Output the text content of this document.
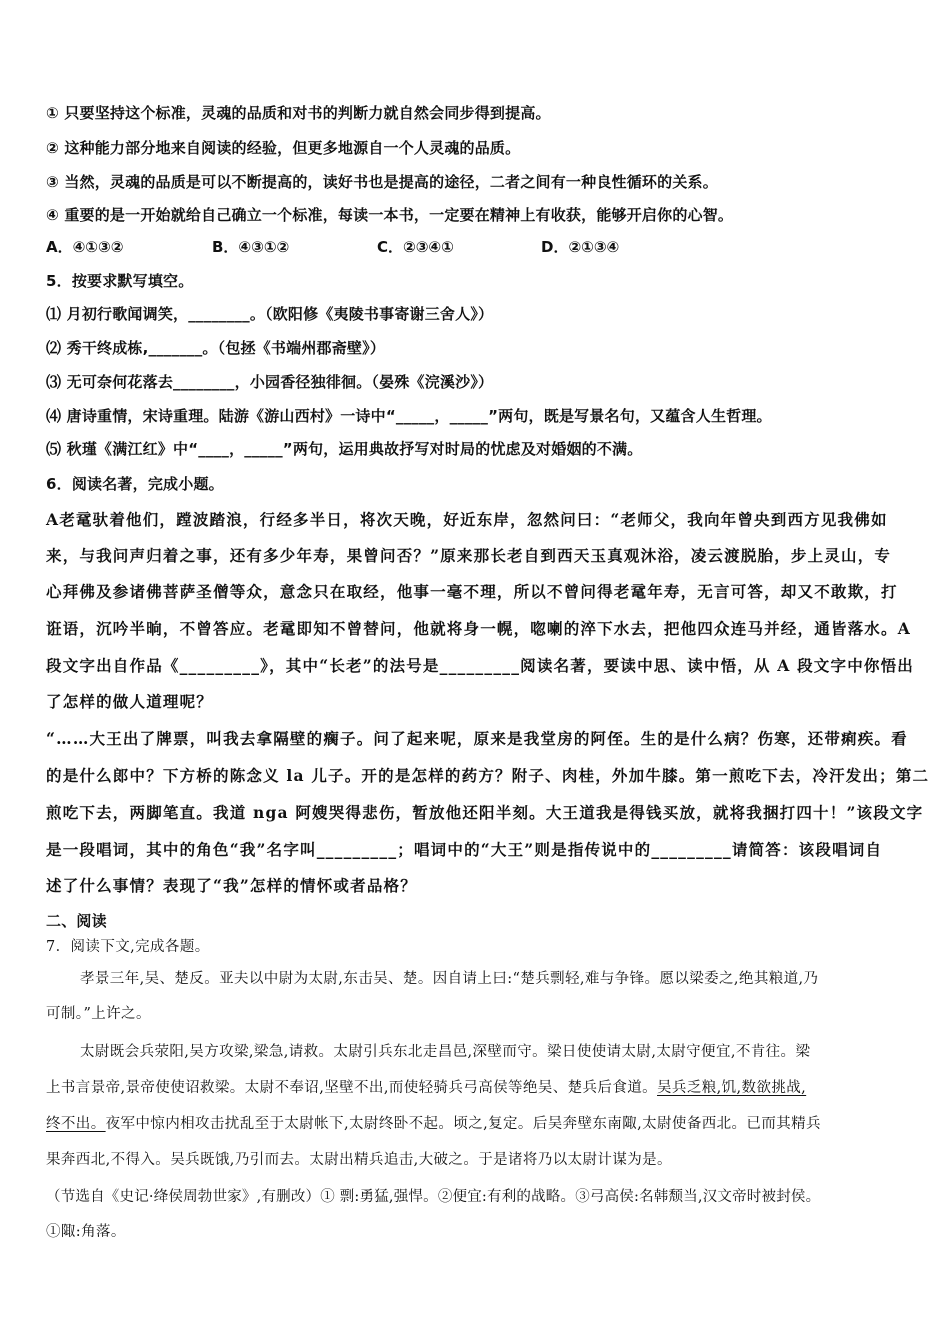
① 只要坚持这个标准，灵魂的品质和对书的判断力就自然会同步得到提高。
② 这种能力部分地来自阅读的经验，但更多地源自一个人灵魂的品质。
③ 当然，灵魂的品质是可以不断提高的，读好书也是提高的途径，二者之间有一种良性循环的关系。
④ 重要的是一开始就给自己确立一个标准，每读一本书，一定要在精神上有收获，能够开启你的心智。
A．④①③②	B．④③①②	C．②③④①	D．②①③④
5．按要求默写填空。
⑴ 月初行歌闻调笑，________。（欧阳修《夷陵书事寄谢三舍人》）
⑵ 秀干终成栋,_______。（包拯《书端州郡斋壁》）
⑶ 无可奈何花落去________，小园香径独徘徊。（晏殊《浣溪沙》）
⑷ 唐诗重情，宋诗重理。陆游《游山西村》一诗中“_____，_____”两句，既是写景名句，又蕴含人生哲理。
⑸ 秋瑾《满江红》中“____，_____”两句，运用典故抒写对时局的忧虑及对婚姻的不满。
6．阅读名著，完成小题。
A老鼋驮着他们，蹚波踏浪，行经多半日，将次天晚，好近东岸，忽然问曰：“老师父，我向年曾央到西方见我佛如
来，与我问声归着之事，还有多少年寿，果曾问否？”原来那长老自到西天玉真观沐浴，凌云渡脱胎，步上灵山，专
心拜佛及参诸佛菩萨圣僧等众，意念只在取经，他事一毫不理，所以不曾问得老鼋年寿，无言可答，却又不敢欺，打
诳语，沉吟半晌，不曾答应。老鼋即知不曾替问，他就将身一幌，唿喇的淬下水去，把他四众连马并经，通皆落水。A
段文字出自作品《_________》，其中“长老”的法号是_________阅读名著，要读中思、读中悟，从 A 段文字中你悟出
了怎样的做人道理呢？
“……大王出了牌票，叫我去拿隔壁的瘸子。问了起来呢，原来是我堂房的阿侄。生的是什么病？伤寒，还带痢疾。看
的是什么郎中？下方桥的陈念义 la 儿子。开的是怎样的药方？附子、肉桂，外加牛膝。第一煎吃下去，冷汗发出；第二
煎吃下去，两脚笔直。我道 nga 阿嫂哭得悲伤，暂放他还阳半刻。大王道我是得钱买放，就将我捆打四十！”该段文字
是一段唱词，其中的角色“我”名字叫_________；唱词中的“大王”则是指传说中的_________请简答：该段唱词自
述了什么事情？表现了“我”怎样的情怀或者品格？
二、阅读
7．阅读下文,完成各题。
孝景三年,吴、楚反。亚夫以中尉为太尉,东击吴、楚。因自请上曰:“楚兵剽轻,难与争锋。愿以梁委之,绝其粮道,乃
可制。”上许之。
太尉既会兵荥阳,吴方攻梁,梁急,请救。太尉引兵东北走昌邑,深壁而守。梁日使使请太尉,太尉守便宜,不肯往。梁
上书言景帝,景帝使使诏救梁。太尉不奉诏,坚壁不出,而使轻骑兵弓高侯等绝吴、楚兵后食道。吴兵乏粮,饥,数欲挑战,
终不出。夜军中惊内相攻击扰乱至于太尉帐下,太尉终卧不起。顷之,复定。后吴奔壁东南陬,太尉使备西北。已而其精兵
果奔西北,不得入。吴兵既饿,乃引而去。太尉出精兵追击,大破之。于是诸将乃以太尉计谋为是。
（节选自《史记·绛侯周勃世家》,有删改）① 剽:勇猛,强悍。②便宜:有利的战略。③弓高侯:名韩颓当,汉文帝时被封侯。
①陬:角落。
